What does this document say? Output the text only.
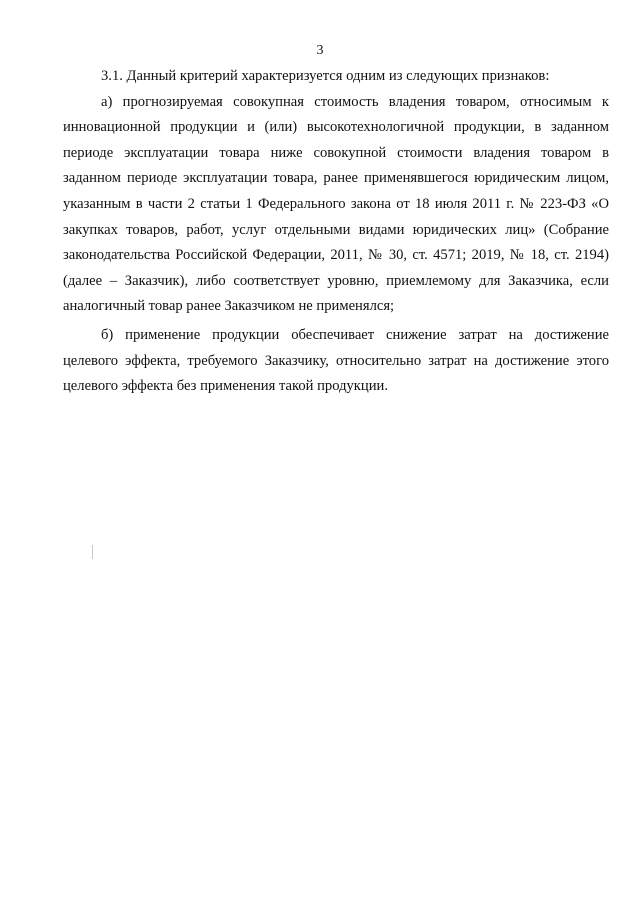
3

3.1. Данный критерий характеризуется одним из следующих признаков:

а) прогнозируемая совокупная стоимость владения товаром, относимым к инновационной продукции и (или) высокотехнологичной продукции, в заданном периоде эксплуатации товара ниже совокупной стоимости владения товаром в заданном периоде эксплуатации товара, ранее применявшегося юридическим лицом, указанным в части 2 статьи 1 Федерального закона от 18 июля 2011 г. № 223-ФЗ «О закупках товаров, работ, услуг отдельными видами юридических лиц» (Собрание законодательства Российской Федерации, 2011, № 30, ст. 4571; 2019, № 18, ст. 2194) (далее – Заказчик), либо соответствует уровню, приемлемому для Заказчика, если аналогичный товар ранее Заказчиком не применялся;

б) применение продукции обеспечивает снижение затрат на достижение целевого эффекта, требуемого Заказчику, относительно затрат на достижение этого целевого эффекта без применения такой продукции.
